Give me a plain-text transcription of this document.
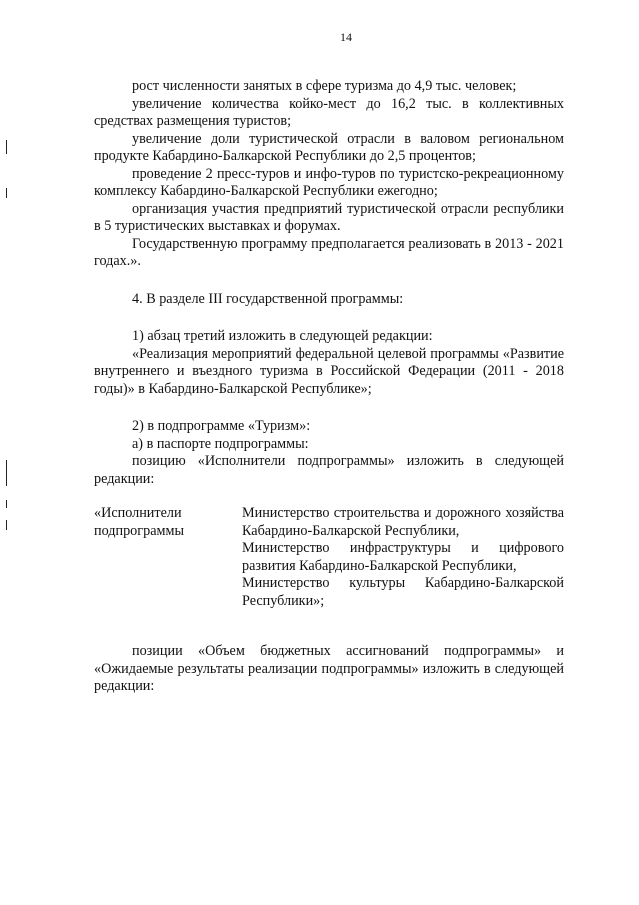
14

рост численности занятых в сфере туризма до 4,9 тыс. человек;

увеличение количества койко-мест до 16,2 тыс. в коллективных средствах размещения туристов;

увеличение доли туристической отрасли в валовом региональном продукте Кабардино-Балкарской Республики до 2,5 процентов;

проведение 2 пресс-туров и инфо-туров по туристско-рекреационному комплексу Кабардино-Балкарской Республики ежегодно;

организация участия предприятий туристической отрасли республики в 5 туристических выставках и форумах.

Государственную программу предполагается реализовать в 2013 - 2021 годах.».

4. В разделе III государственной программы:

1) абзац третий изложить в следующей редакции:

«Реализация мероприятий федеральной целевой программы «Развитие внутреннего и въездного туризма в Российской Федерации (2011 - 2018 годы)» в Кабардино-Балкарской Республике»;

2) в подпрограмме «Туризм»:

а) в паспорте подпрограммы:

позицию «Исполнители подпрограммы» изложить в следующей редакции:

«Исполнители подпрограммы

Министерство строительства и дорожного хозяйства Кабардино-Балкарской Республики,

Министерство инфраструктуры и цифрового развития Кабардино-Балкарской Республики,

Министерство культуры Кабардино-Балкарской Республики»;

позиции «Объем бюджетных ассигнований подпрограммы» и «Ожидаемые результаты реализации подпрограммы» изложить в следующей редакции:
